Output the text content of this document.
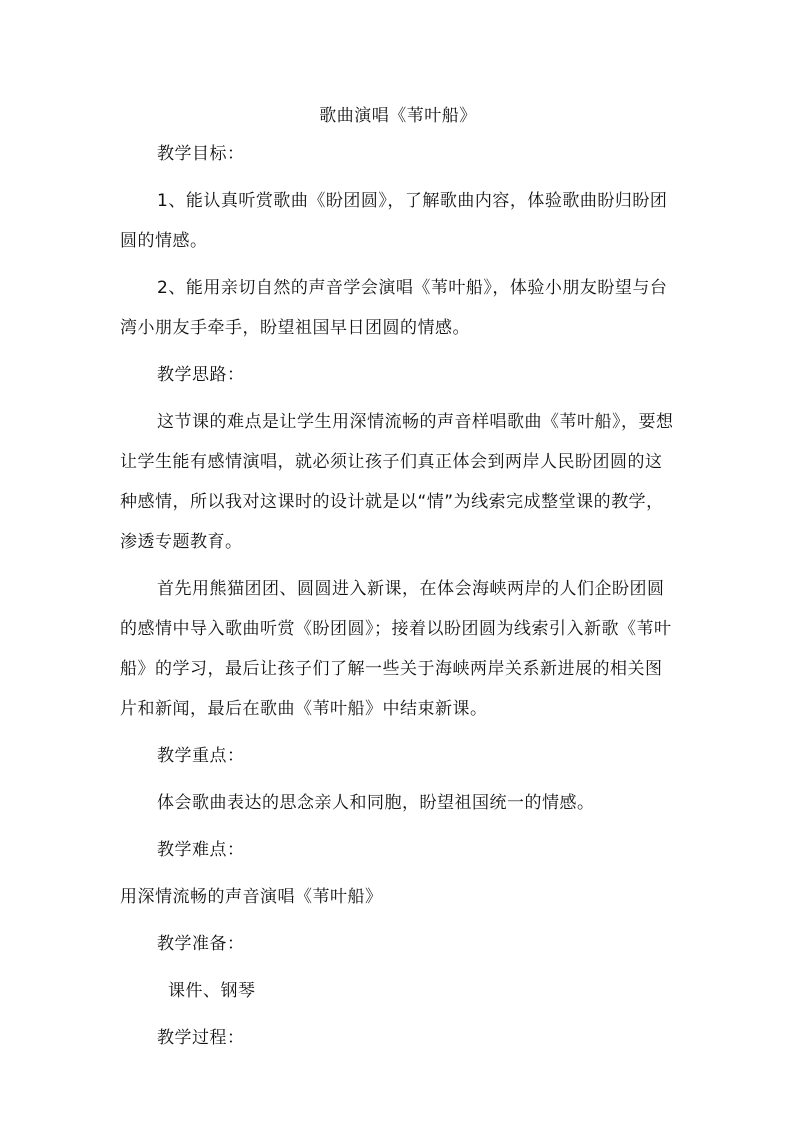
歌曲演唱《苇叶船》

教学目标：

1、能认真听赏歌曲《盼团圆》，了解歌曲内容，体验歌曲盼归盼团圆的情感。

2、能用亲切自然的声音学会演唱《苇叶船》，体验小朋友盼望与台湾小朋友手牵手，盼望祖国早日团圆的情感。

教学思路：

这节课的难点是让学生用深情流畅的声音样唱歌曲《苇叶船》，要想让学生能有感情演唱，就必须让孩子们真正体会到两岸人民盼团圆的这种感情，所以我对这课时的设计就是以“情”为线索完成整堂课的教学，渗透专题教育。

首先用熊猫团团、圆圆进入新课，在体会海峡两岸的人们企盼团圆的感情中导入歌曲听赏《盼团圆》；接着以盼团圆为线索引入新歌《苇叶船》的学习，最后让孩子们了解一些关于海峡两岸关系新进展的相关图片和新闻，最后在歌曲《苇叶船》中结束新课。

教学重点：

体会歌曲表达的思念亲人和同胞，盼望祖国统一的情感。

教学难点：

用深情流畅的声音演唱《苇叶船》

教学准备：

课件、钢琴

教学过程：
